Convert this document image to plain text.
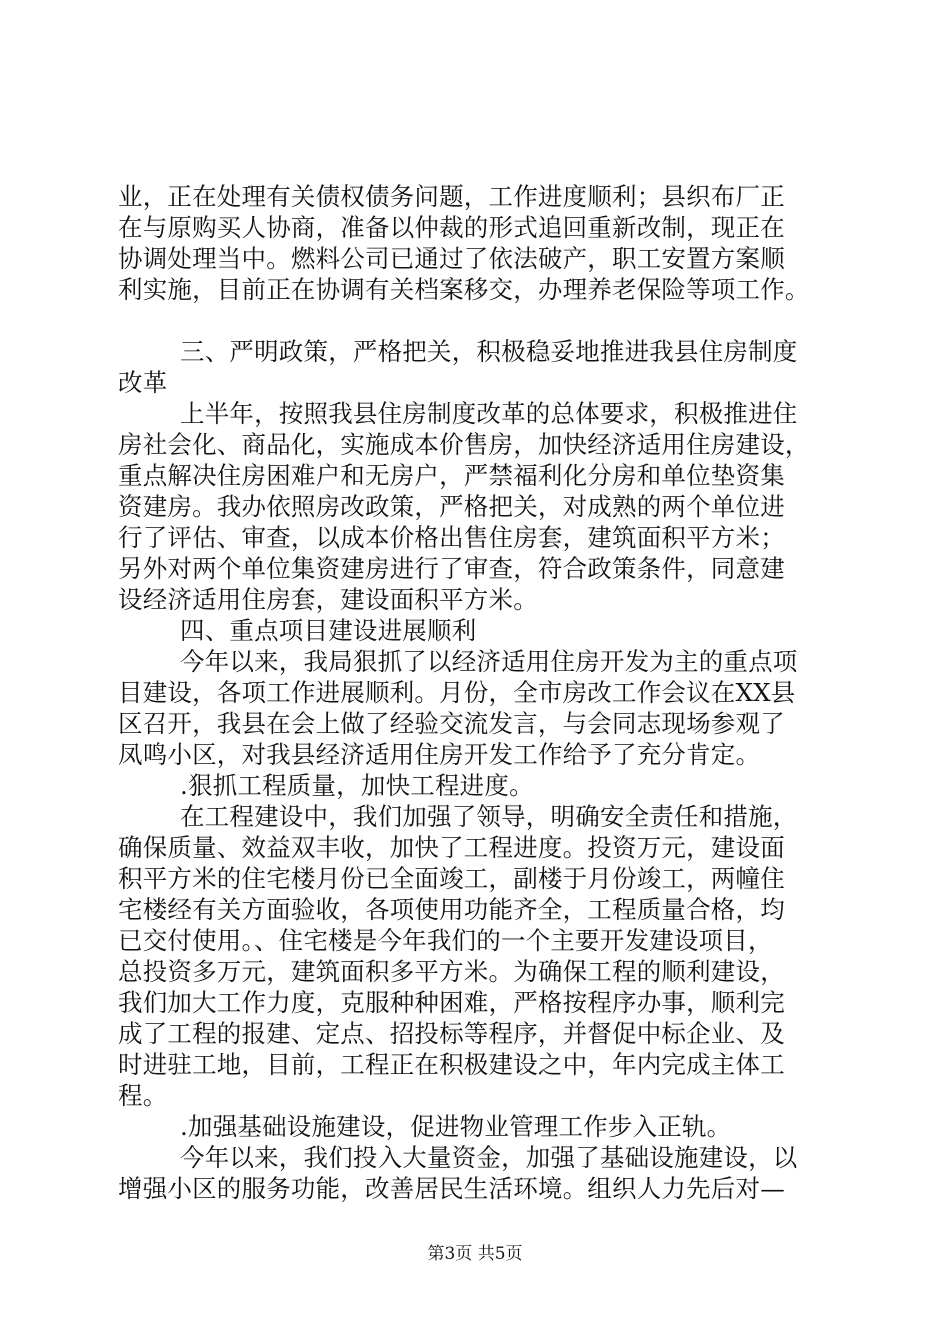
业，正在处理有关债权债务问题，工作进度顺利；县织布厂正
在与原购买人协商，准备以仲裁的形式追回重新改制，现正在
协调处理当中。燃料公司已通过了依法破产，职工安置方案顺
利实施，目前正在协调有关档案移交，办理养老保险等项工作。
三、严明政策，严格把关，积极稳妥地推进我县住房制度
改革
上半年，按照我县住房制度改革的总体要求，积极推进住
房社会化、商品化，实施成本价售房，加快经济适用住房建设，
重点解决住房困难户和无房户，严禁福利化分房和单位垫资集
资建房。我办依照房改政策，严格把关，对成熟的两个单位进
行了评估、审查，以成本价格出售住房套，建筑面积平方米；
另外对两个单位集资建房进行了审查，符合政策条件，同意建
设经济适用住房套，建设面积平方米。
四、重点项目建设进展顺利
今年以来，我局狠抓了以经济适用住房开发为主的重点项
目建设，各项工作进展顺利。月份，全市房改工作会议在XX县
区召开，我县在会上做了经验交流发言，与会同志现场参观了
凤鸣小区，对我县经济适用住房开发工作给予了充分肯定。
.狠抓工程质量，加快工程进度。
在工程建设中，我们加强了领导，明确安全责任和措施，
确保质量、效益双丰收，加快了工程进度。投资万元，建设面
积平方米的住宅楼月份已全面竣工，副楼于月份竣工，两幢住
宅楼经有关方面验收，各项使用功能齐全，工程质量合格，均
已交付使用。、住宅楼是今年我们的一个主要开发建设项目，
总投资多万元，建筑面积多平方米。为确保工程的顺利建设，
我们加大工作力度，克服种种困难，严格按程序办事，顺利完
成了工程的报建、定点、招投标等程序，并督促中标企业、及
时进驻工地，目前，工程正在积极建设之中，年内完成主体工
程。
.加强基础设施建设，促进物业管理工作步入正轨。
今年以来，我们投入大量资金，加强了基础设施建设，以
增强小区的服务功能，改善居民生活环境。组织人力先后对—
第3页 共5页
